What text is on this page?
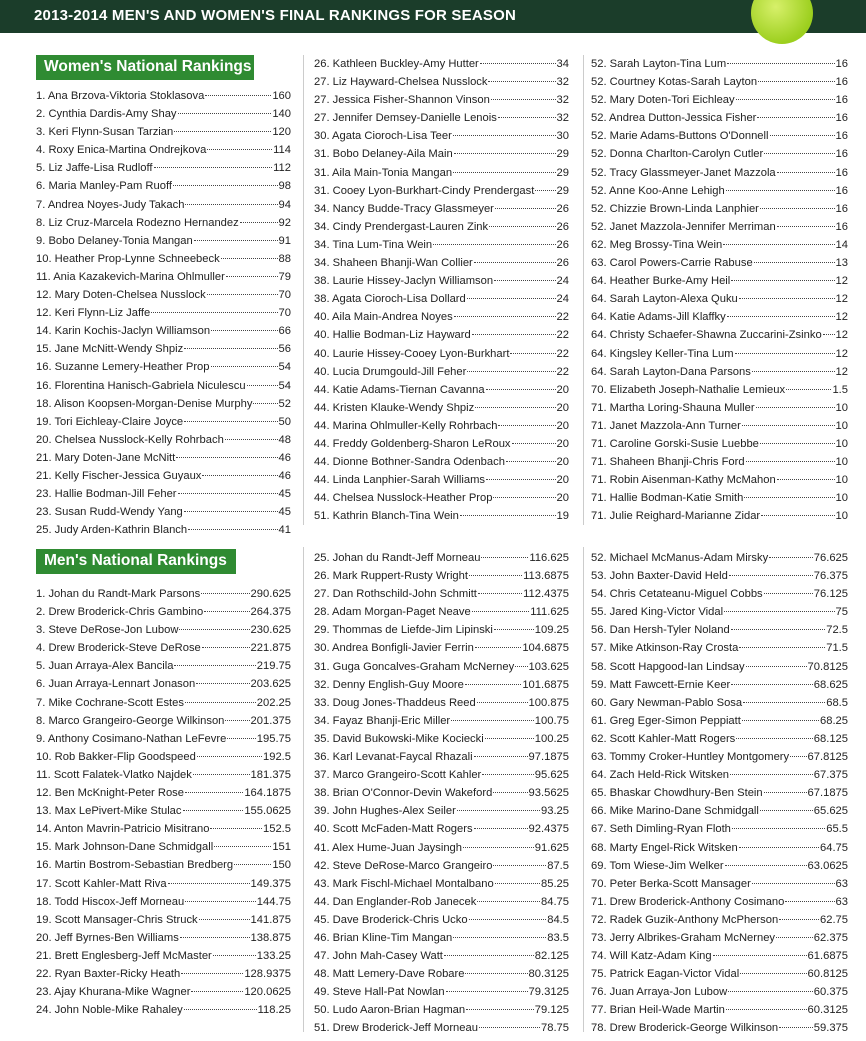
2013-2014 MEN'S AND WOMEN'S FINAL RANKINGS FOR SEASON
Women's National Rankings
Men's National Rankings
1. Ana Brzova-Viktoria Stoklasova	160
2. Cynthia Dardis-Amy Shay	140
3. Keri Flynn-Susan Tarzian	120
4. Roxy Enica-Martina Ondrejkova	114
5. Liz Jaffe-Lisa Rudloff	112
6. Maria Manley-Pam Ruoff	98
7. Andrea Noyes-Judy Takach	94
8. Liz Cruz-Marcela Rodezno Hernandez	92
9. Bobo Delaney-Tonia Mangan	91
10. Heather Prop-Lynne Schneebeck	88
11. Ania Kazakevich-Marina Ohlmuller	79
12. Mary Doten-Chelsea Nusslock	70
12. Keri Flynn-Liz Jaffe	70
14. Karin Kochis-Jaclyn Williamson	66
15. Jane McNitt-Wendy Shpiz	56
16. Suzanne Lemery-Heather Prop	54
16. Florentina Hanisch-Gabriela Niculescu	54
18. Alison Koopsen-Morgan-Denise Murphy 52
19. Tori Eichleay-Claire Joyce	50
20. Chelsea Nusslock-Kelly Rohrbach	48
21. Mary Doten-Jane McNitt	46
21. Kelly Fischer-Jessica Guyaux	46
23. Hallie Bodman-Jill Feher	45
23. Susan Rudd-Wendy Yang	45
25. Judy Arden-Kathrin Blanch	41
26. Kathleen Buckley-Amy Hutter	34
27. Liz Hayward-Chelsea Nusslock	32
27. Jessica Fisher-Shannon Vinson	32
27. Jennifer Demsey-Danielle Lenois	32
30. Agata Cioroch-Lisa Teer	30
31. Bobo Delaney-Aila Main	29
31. Aila Main-Tonia Mangan	29
31. Cooey Lyon-Burkhart-Cindy Prendergast 29
34. Nancy Budde-Tracy Glassmeyer	26
34. Cindy Prendergast-Lauren Zink	26
34. Tina Lum-Tina Wein	26
34. Shaheen Bhanji-Wan Collier	26
38. Laurie Hissey-Jaclyn Williamson	24
38. Agata Cioroch-Lisa Dollard	24
40. Aila Main-Andrea Noyes	22
40. Hallie Bodman-Liz Hayward	22
40. Laurie Hissey-Cooey Lyon-Burkhart	22
40. Lucia Drumgould-Jill Feher	22
44. Katie Adams-Tiernan Cavanna	20
44. Kristen Klauke-Wendy Shpiz	20
44. Marina Ohlmuller-Kelly Rohrbach	20
44. Freddy Goldenberg-Sharon LeRoux	20
44. Dionne Bothner-Sandra Odenbach	20
44. Linda Lanphier-Sarah Williams	20
44. Chelsea Nusslock-Heather Prop	20
51. Kathrin Blanch-Tina Wein	19
52. Sarah Layton-Tina Lum	16
52. Courtney Kotas-Sarah Layton	16
52. Mary Doten-Tori Eichleay	16
52. Andrea Dutton-Jessica Fisher	16
52. Marie Adams-Buttons O'Donnell	16
52. Donna Charlton-Carolyn Cutler	16
52. Tracy Glassmeyer-Janet Mazzola	16
52. Anne Koo-Anne Lehigh	16
52. Chizzie Brown-Linda Lanphier	16
52. Janet Mazzola-Jennifer Merriman	16
62. Meg Brossy-Tina Wein	14
63. Carol Powers-Carrie Rabuse	13
64. Heather Burke-Amy Heil	12
64. Sarah Layton-Alexa Quku	12
64. Katie Adams-Jill Klaffky	12
64. Christy Schaefer-Shawna Zuccarini-Zsinko 12
64. Kingsley Keller-Tina Lum	12
64. Sarah Layton-Dana Parsons	12
70. Elizabeth Joseph-Nathalie Lemieux	1.5
71. Martha Loring-Shauna Muller	10
71. Janet Mazzola-Ann Turner	10
71. Caroline Gorski-Susie Luebbe	10
71. Shaheen Bhanji-Chris Ford	10
71. Robin Aisenman-Kathy McMahon	10
71. Hallie Bodman-Katie Smith	10
71. Julie Reighard-Marianne Zidar	10
1. Johan du Randt-Mark Parsons	290.625
2. Drew Broderick-Chris Gambino	264.375
3. Steve DeRose-Jon Lubow	230.625
4. Drew Broderick-Steve DeRose	221.875
5. Juan Arraya-Alex Bancila	219.75
6. Juan Arraya-Lennart Jonason	203.625
7. Mike Cochrane-Scott Estes	202.25
8. Marco Grangeiro-George Wilkinson 201.375
9. Anthony Cosimano-Nathan LeFevre	195.75
10. Rob Bakker-Flip Goodspeed	192.5
11. Scott Falatek-Vlatko Najdek	181.375
12. Ben McKnight-Peter Rose	164.1875
13. Max LePivert-Mike Stulac	155.0625
14. Anton Mavrin-Patricio Misitrano	152.5
15. Mark Johnson-Dane Schmidgall	151
16. Martin Bostrom-Sebastian Bredberg	150
17. Scott Kahler-Matt Riva	149.375
18. Todd Hiscox-Jeff Morneau	144.75
19. Scott Mansager-Chris Struck	141.875
20. Jeff Byrnes-Ben Williams	138.875
21. Brett Englesberg-Jeff McMaster	133.25
22. Ryan Baxter-Ricky Heath	128.9375
23. Ajay Khurana-Mike Wagner	120.0625
24. John Noble-Mike Rahaley	118.25
25. Johan du Randt-Jeff Morneau	116.625
26. Mark Ruppert-Rusty Wright	113.6875
27. Dan Rothschild-John Schmitt	112.4375
28. Adam Morgan-Paget Neave	111.625
29. Thommas de Liefde-Jim Lipinski	109.25
30. Andrea Bonfigli-Javier Ferrin	104.6875
31. Guga Goncalves-Graham McNerney 103.625
32. Denny English-Guy Moore	101.6875
33. Doug Jones-Thaddeus Reed	100.875
34. Fayaz Bhanji-Eric Miller	100.75
35. David Bukowski-Mike Kociecki	100.25
36. Karl Levanat-Faycal Rhazali	97.1875
37. Marco Grangeiro-Scott Kahler	95.625
38. Brian O'Connor-Devin Wakeford	93.5625
39. John Hughes-Alex Seiler	93.25
40. Scott McFaden-Matt Rogers	92.4375
41. Alex Hume-Juan Jaysingh	91.625
42. Steve DeRose-Marco Grangeiro	87.5
43. Mark Fischl-Michael Montalbano	85.25
44. Dan Englander-Rob Janecek	84.75
45. Dave Broderick-Chris Ucko	84.5
46. Brian Kline-Tim Mangan	83.5
47. John Mah-Casey Watt	82.125
48. Matt Lemery-Dave Robare	80.3125
49. Steve Hall-Pat Nowlan	79.3125
50. Ludo Aaron-Brian Hagman	79.125
51. Drew Broderick-Jeff Morneau	78.75
52. Michael McManus-Adam Mirsky	76.625
53. John Baxter-David Held	76.375
54. Chris Cetateanu-Miguel Cobbs	76.125
55. Jared King-Victor Vidal	75
56. Dan Hersh-Tyler Noland	72.5
57. Mike Atkinson-Ray Crosta	71.5
58. Scott Hapgood-Ian Lindsay	70.8125
59. Matt Fawcett-Ernie Keer	68.625
60. Gary Newman-Pablo Sosa	68.5
61. Greg Eger-Simon Peppiatt	68.25
62. Scott Kahler-Matt Rogers	68.125
63. Tommy Croker-Huntley Montgomery 67.8125
64. Zach Held-Rick Witsken	67.375
65. Bhaskar Chowdhury-Ben Stein	67.1875
66. Mike Marino-Dane Schmidgall	65.625
67. Seth Dimling-Ryan Floth	65.5
68. Marty Engel-Rick Witsken	64.75
69. Tom Wiese-Jim Welker	63.0625
70. Peter Berka-Scott Mansager	63
71. Drew Broderick-Anthony Cosimano	63
72. Radek Guzik-Anthony McPherson	62.75
73. Jerry Albrikes-Graham McNerney	62.375
74. Will Katz-Adam King	61.6875
75. Patrick Eagan-Victor Vidal	60.8125
76. Juan Arraya-Jon Lubow	60.375
77. Brian Heil-Wade Martin	60.3125
78. Drew Broderick-George Wilkinson	59.375
